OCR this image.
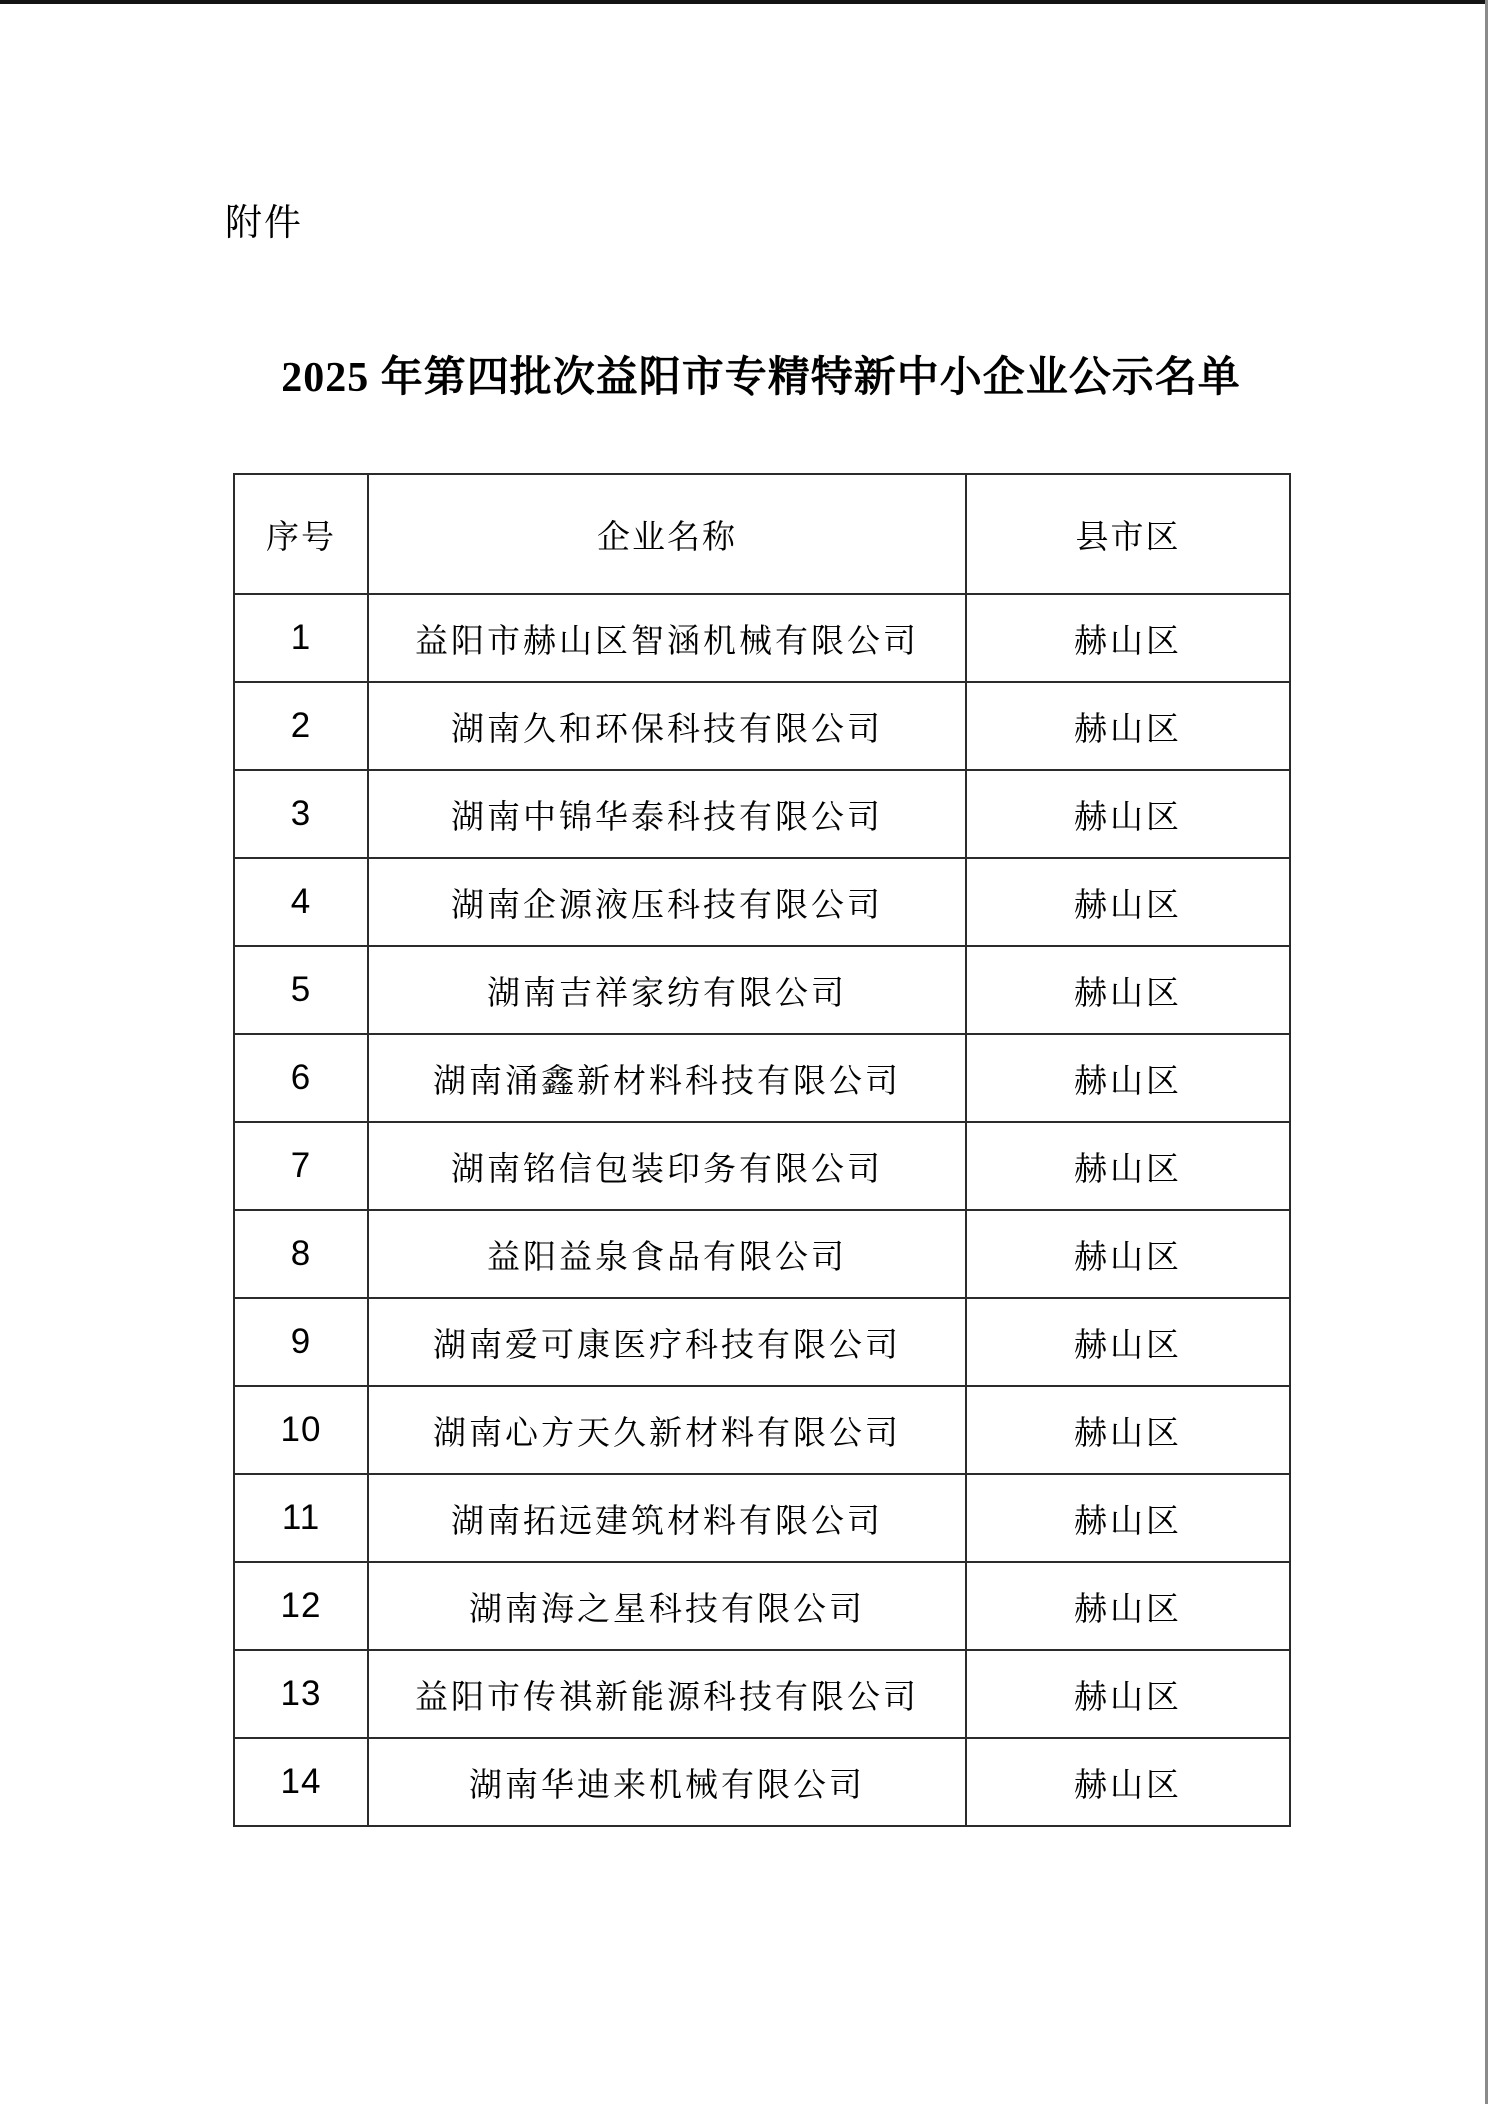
附件
2025 年第四批次益阳市专精特新中小企业公示名单
序号	企业名称	县市区
1	益阳市赫山区智涵机械有限公司	赫山区
2	湖南久和环保科技有限公司	赫山区
3	湖南中锦华泰科技有限公司	赫山区
4	湖南企源液压科技有限公司	赫山区
5	湖南吉祥家纺有限公司	赫山区
6	湖南涌鑫新材料科技有限公司	赫山区
7	湖南铭信包装印务有限公司	赫山区
8	益阳益泉食品有限公司	赫山区
9	湖南爱可康医疗科技有限公司	赫山区
10	湖南心方天久新材料有限公司	赫山区
11	湖南拓远建筑材料有限公司	赫山区
12	湖南海之星科技有限公司	赫山区
13	益阳市传祺新能源科技有限公司	赫山区
14	湖南华迪来机械有限公司	赫山区
